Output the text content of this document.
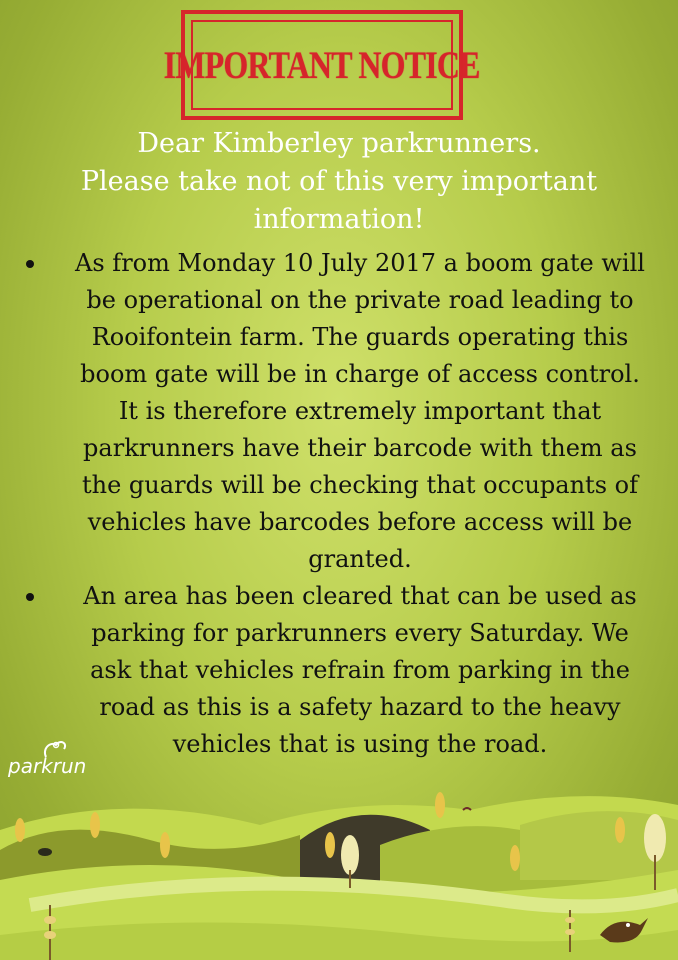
IMPORTANT NOTICE
Dear Kimberley parkrunners.
Please take not of this very important
information!
As from Monday 10 July 2017 a boom gate will
be operational on the private road leading to
Rooifontein farm. The guards operating this
boom gate will be in charge of access control.
It is therefore extremely important that
parkrunners have their barcode with them as
the guards will be checking that occupants of
vehicles have barcodes before access will be
granted.
An area has been cleared that can be used as
parking for parkrunners every Saturday. We
ask that vehicles refrain from parking in the
road as this is a safety hazard to the heavy
vehicles that is using the road.
parkrun
